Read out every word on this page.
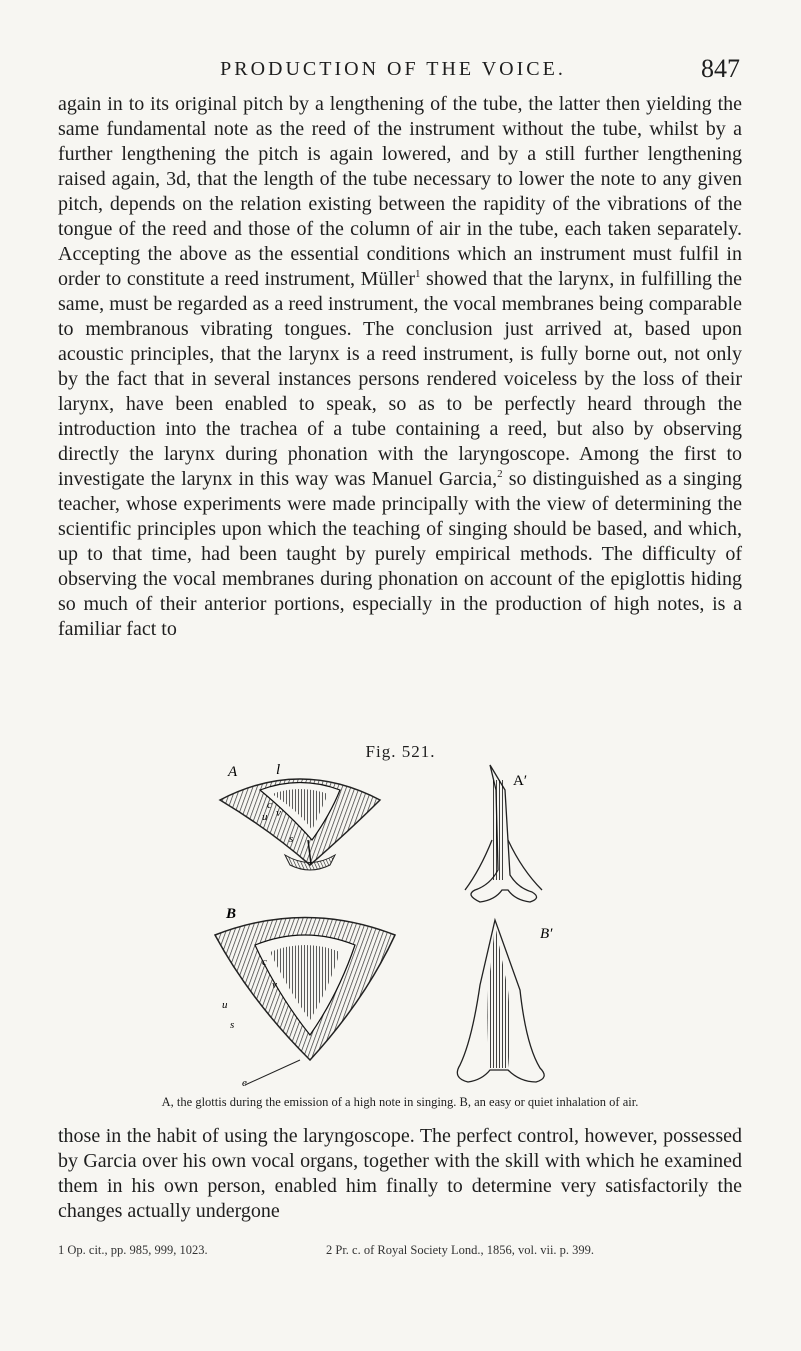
PRODUCTION OF THE VOICE.	847

again in to its original pitch by a lengthening of the tube, the latter then yielding the same fundamental note as the reed of the instrument without the tube, whilst by a further lengthening the pitch is again lowered, and by a still further lengthening raised again, 3d, that the length of the tube necessary to lower the note to any given pitch, depends on the relation existing between the rapidity of the vibrations of the tongue of the reed and those of the column of air in the tube, each taken separately. Accepting the above as the essential conditions which an instrument must fulfil in order to constitute a reed instrument, Müller$^1$ showed that the larynx, in fulfilling the same, must be regarded as a reed instrument, the vocal membranes being comparable to membranous vibrating tongues. The conclusion just arrived at, based upon acoustic principles, that the larynx is a reed instrument, is fully borne out, not only by the fact that in several instances persons rendered voiceless by the loss of their larynx, have been enabled to speak, so as to be perfectly heard through the introduction into the trachea of a tube containing a reed, but also by observing directly the larynx during phonation with the laryngoscope. Among the first to investigate the larynx in this way was Manuel Garcia,$^2$ so distinguished as a singing teacher, whose experiments were made principally with the view of determining the scientific principles upon which the teaching of singing should be based, and which, up to that time, had been taught by purely empirical methods. The difficulty of observing the vocal membranes during phonation on account of the epiglottis hiding so much of their anterior portions, especially in the production of high notes, is a familiar fact to

Fig. 521.
A	l
c
v
u
s
A′
B
c
v
u
s
e
B′
A, the glottis during the emission of a high note in singing. B, an easy or quiet inhalation of air.

those in the habit of using the laryngoscope. The perfect control, however, possessed by Garcia over his own vocal organs, together with the skill with which he examined them in his own person, enabled him finally to determine very satisfactorily the changes actually undergone

1 Op. cit., pp. 985, 999, 1023.	2 Pr. c. of Royal Society Lond., 1856, vol. vii. p. 399.
